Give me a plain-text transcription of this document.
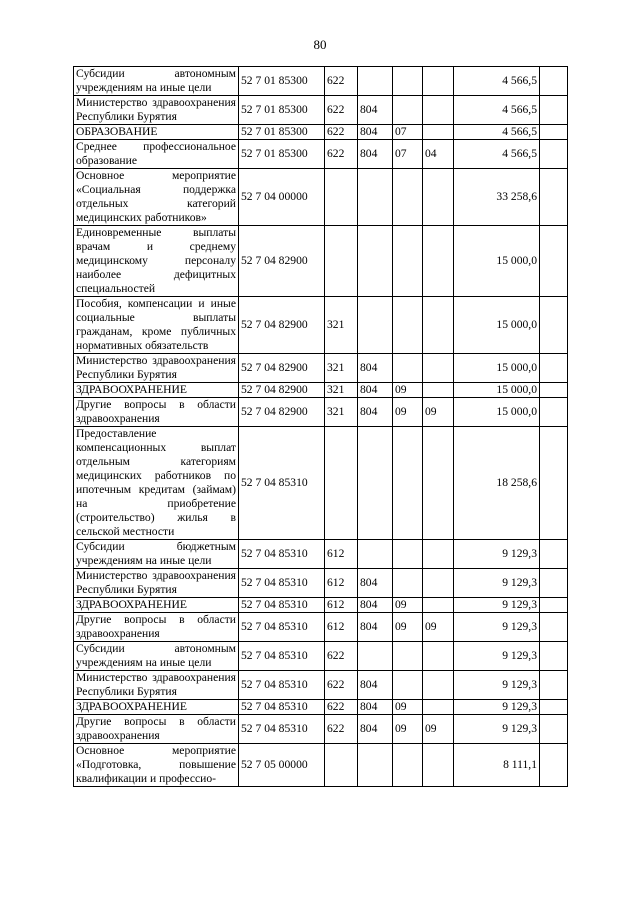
80
Субсидии автономным учреждениям на иные цели	52 7 01 85300	622				4 566,5	
Министерство здравоохранения Республики Бурятия	52 7 01 85300	622	804			4 566,5	
ОБРАЗОВАНИЕ	52 7 01 85300	622	804	07		4 566,5	
Среднее профессиональное образование	52 7 01 85300	622	804	07	04	4 566,5	
Основное мероприятие «Социальная поддержка отдельных категорий медицинских работников»	52 7 04 00000					33 258,6	
Единовременные выплаты врачам и среднему медицинскому персоналу наиболее дефицитных специальностей	52 7 04 82900					15 000,0	
Пособия, компенсации и иные социальные выплаты гражданам, кроме публичных нормативных обязательств	52 7 04 82900	321				15 000,0	
Министерство здравоохранения Республики Бурятия	52 7 04 82900	321	804			15 000,0	
ЗДРАВООХРАНЕНИЕ	52 7 04 82900	321	804	09		15 000,0	
Другие вопросы в области здравоохранения	52 7 04 82900	321	804	09	09	15 000,0	
Предоставление компенсационных выплат отдельным категориям медицинских работников по ипотечным кредитам (займам) на приобретение (строительство) жилья в сельской местности	52 7 04 85310					18 258,6	
Субсидии бюджетным учреждениям на иные цели	52 7 04 85310	612				9 129,3	
Министерство здравоохранения Республики Бурятия	52 7 04 85310	612	804			9 129,3	
ЗДРАВООХРАНЕНИЕ	52 7 04 85310	612	804	09		9 129,3	
Другие вопросы в области здравоохранения	52 7 04 85310	612	804	09	09	9 129,3	
Субсидии автономным учреждениям на иные цели	52 7 04 85310	622				9 129,3	
Министерство здравоохранения Республики Бурятия	52 7 04 85310	622	804			9 129,3	
ЗДРАВООХРАНЕНИЕ	52 7 04 85310	622	804	09		9 129,3	
Другие вопросы в области здравоохранения	52 7 04 85310	622	804	09	09	9 129,3	
Основное мероприятие «Подготовка, повышение квалификации и профессио-	52 7 05 00000					8 111,1	
